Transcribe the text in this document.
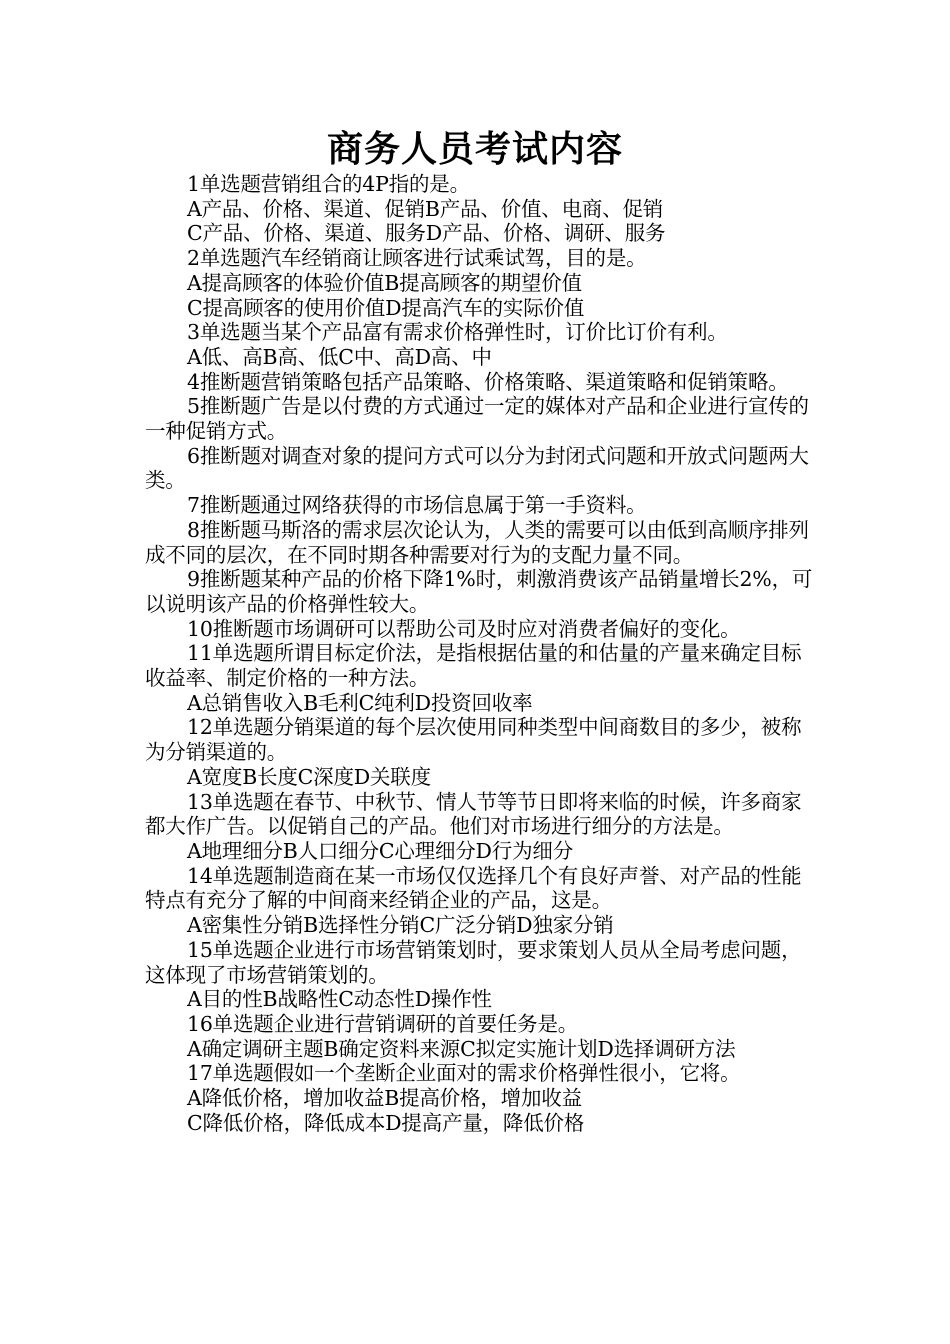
商务人员考试内容

1单选题营销组合的4P指的是。

A产品、价格、渠道、促销B产品、价值、电商、促销

C产品、价格、渠道、服务D产品、价格、调研、服务

2单选题汽车经销商让顾客进行试乘试驾，目的是。

A提高顾客的体验价值B提高顾客的期望价值

C提高顾客的使用价值D提高汽车的实际价值

3单选题当某个产品富有需求价格弹性时，订价比订价有利。

A低、高B高、低C中、高D高、中

4推断题营销策略包括产品策略、价格策略、渠道策略和促销策略。

5推断题广告是以付费的方式通过一定的媒体对产品和企业进行宣传的一种促销方式。

6推断题对调查对象的提问方式可以分为封闭式问题和开放式问题两大类。

7推断题通过网络获得的市场信息属于第一手资料。

8推断题马斯洛的需求层次论认为，人类的需要可以由低到高顺序排列成不同的层次，在不同时期各种需要对行为的支配力量不同。

9推断题某种产品的价格下降1%时，刺激消费该产品销量增长2%，可以说明该产品的价格弹性较大。

10推断题市场调研可以帮助公司及时应对消费者偏好的变化。

11单选题所谓目标定价法，是指根据估量的和估量的产量来确定目标收益率、制定价格的一种方法。

A总销售收入B毛利C纯利D投资回收率

12单选题分销渠道的每个层次使用同种类型中间商数目的多少，被称为分销渠道的。

A宽度B长度C深度D关联度

13单选题在春节、中秋节、情人节等节日即将来临的时候，许多商家都大作广告。以促销自己的产品。他们对市场进行细分的方法是。

A地理细分B人口细分C心理细分D行为细分

14单选题制造商在某一市场仅仅选择几个有良好声誉、对产品的性能特点有充分了解的中间商来经销企业的产品，这是。

A密集性分销B选择性分销C广泛分销D独家分销

15单选题企业进行市场营销策划时，要求策划人员从全局考虑问题，这体现了市场营销策划的。

A目的性B战略性C动态性D操作性

16单选题企业进行营销调研的首要任务是。

A确定调研主题B确定资料来源C拟定实施计划D选择调研方法

17单选题假如一个垄断企业面对的需求价格弹性很小，它将。

A降低价格，增加收益B提高价格，增加收益

C降低价格，降低成本D提高产量，降低价格
